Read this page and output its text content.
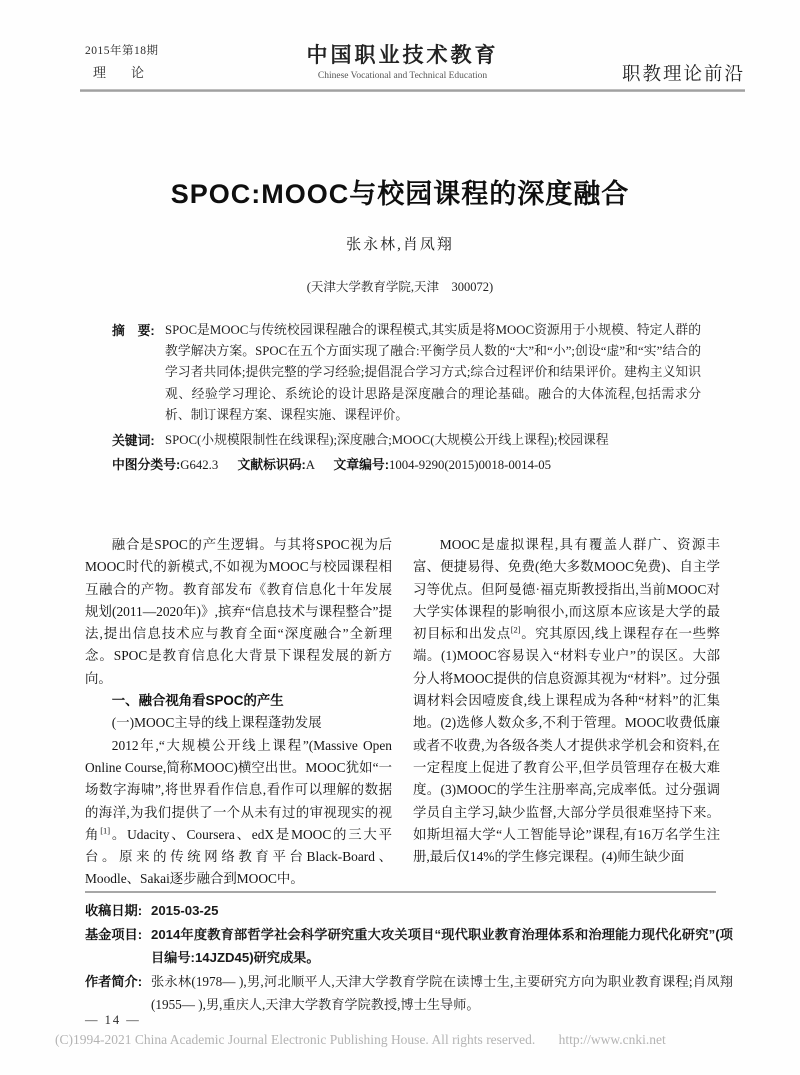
2015年第18期
理　论
中国职业技术教育
Chinese Vocational and Technical Education	职教理论前沿
SPOC:MOOC与校园课程的深度融合
张永林,肖凤翔
(天津大学教育学院,天津　300072)
摘　要: SPOC是MOOC与传统校园课程融合的课程模式,其实质是将MOOC资源用于小规模、特定人群的教学解决方案。SPOC在五个方面实现了融合:平衡学员人数的“大”和“小”;创设“虚”和“实”结合的学习者共同体;提供完整的学习经验;提倡混合学习方式;综合过程评价和结果评价。建构主义知识观、经验学习理论、系统论的设计思路是深度融合的理论基础。融合的大体流程,包括需求分析、制订课程方案、课程实施、课程评价。
关键词: SPOC(小规模限制性在线课程);深度融合;MOOC(大规模公开线上课程);校园课程
中图分类号:G642.3 文献标识码:A 文章编号:1004-9290(2015)0018-0014-05

融合是SPOC的产生逻辑。与其将SPOC视为后MOOC时代的新模式,不如视为MOOC与校园课程相互融合的产物。教育部发布《教育信息化十年发展规划(2011—2020年)》,摈弃“信息技术与课程整合”提法,提出信息技术应与教育全面“深度融合”全新理念。SPOC是教育信息化大背景下课程发展的新方向。

一、融合视角看SPOC的产生

(一)MOOC主导的线上课程蓬勃发展

2012年,“大规模公开线上课程”(Massive Open Online Course,简称MOOC)横空出世。MOOC犹如“一场数字海啸”,将世界看作信息,看作可以理解的数据的海洋,为我们提供了一个从未有过的审视现实的视角[1]。Udacity、Coursera、edX是MOOC的三大平台。原来的传统网络教育平台Black-Board、Moodle、Sakai逐步融合到MOOC中。

MOOC是虚拟课程,具有覆盖人群广、资源丰富、便捷易得、免费(绝大多数MOOC免费)、自主学习等优点。但阿曼德·福克斯教授指出,当前MOOC对大学实体课程的影响很小,而这原本应该是大学的最初目标和出发点[2]。究其原因,线上课程存在一些弊端。(1)MOOC容易误入“材料专业户”的误区。大部分人将MOOC提供的信息资源其视为“材料”。过分强调材料会因噎废食,线上课程成为各种“材料”的汇集地。(2)选修人数众多,不利于管理。MOOC收费低廉或者不收费,为各级各类人才提供求学机会和资料,在一定程度上促进了教育公平,但学员管理存在极大难度。(3)MOOC的学生注册率高,完成率低。过分强调学员自主学习,缺少监督,大部分学员很难坚持下来。如斯坦福大学“人工智能导论”课程,有16万名学生注册,最后仅14%的学生修完课程。(4)师生缺少面

收稿日期: 2015-03-25
基金项目: 2014年度教育部哲学社会科学研究重大攻关项目“现代职业教育治理体系和治理能力现代化研究”(项目编号:14JZD45)研究成果。
作者简介: 张永林(1978— ),男,河北顺平人,天津大学教育学院在读博士生,主要研究方向为职业教育课程;肖凤翔(1955— ),男,重庆人,天津大学教育学院教授,博士生导师。
— 14 —
(C)1994-2021 China Academic Journal Electronic Publishing House. All rights reserved. http://www.cnki.net
